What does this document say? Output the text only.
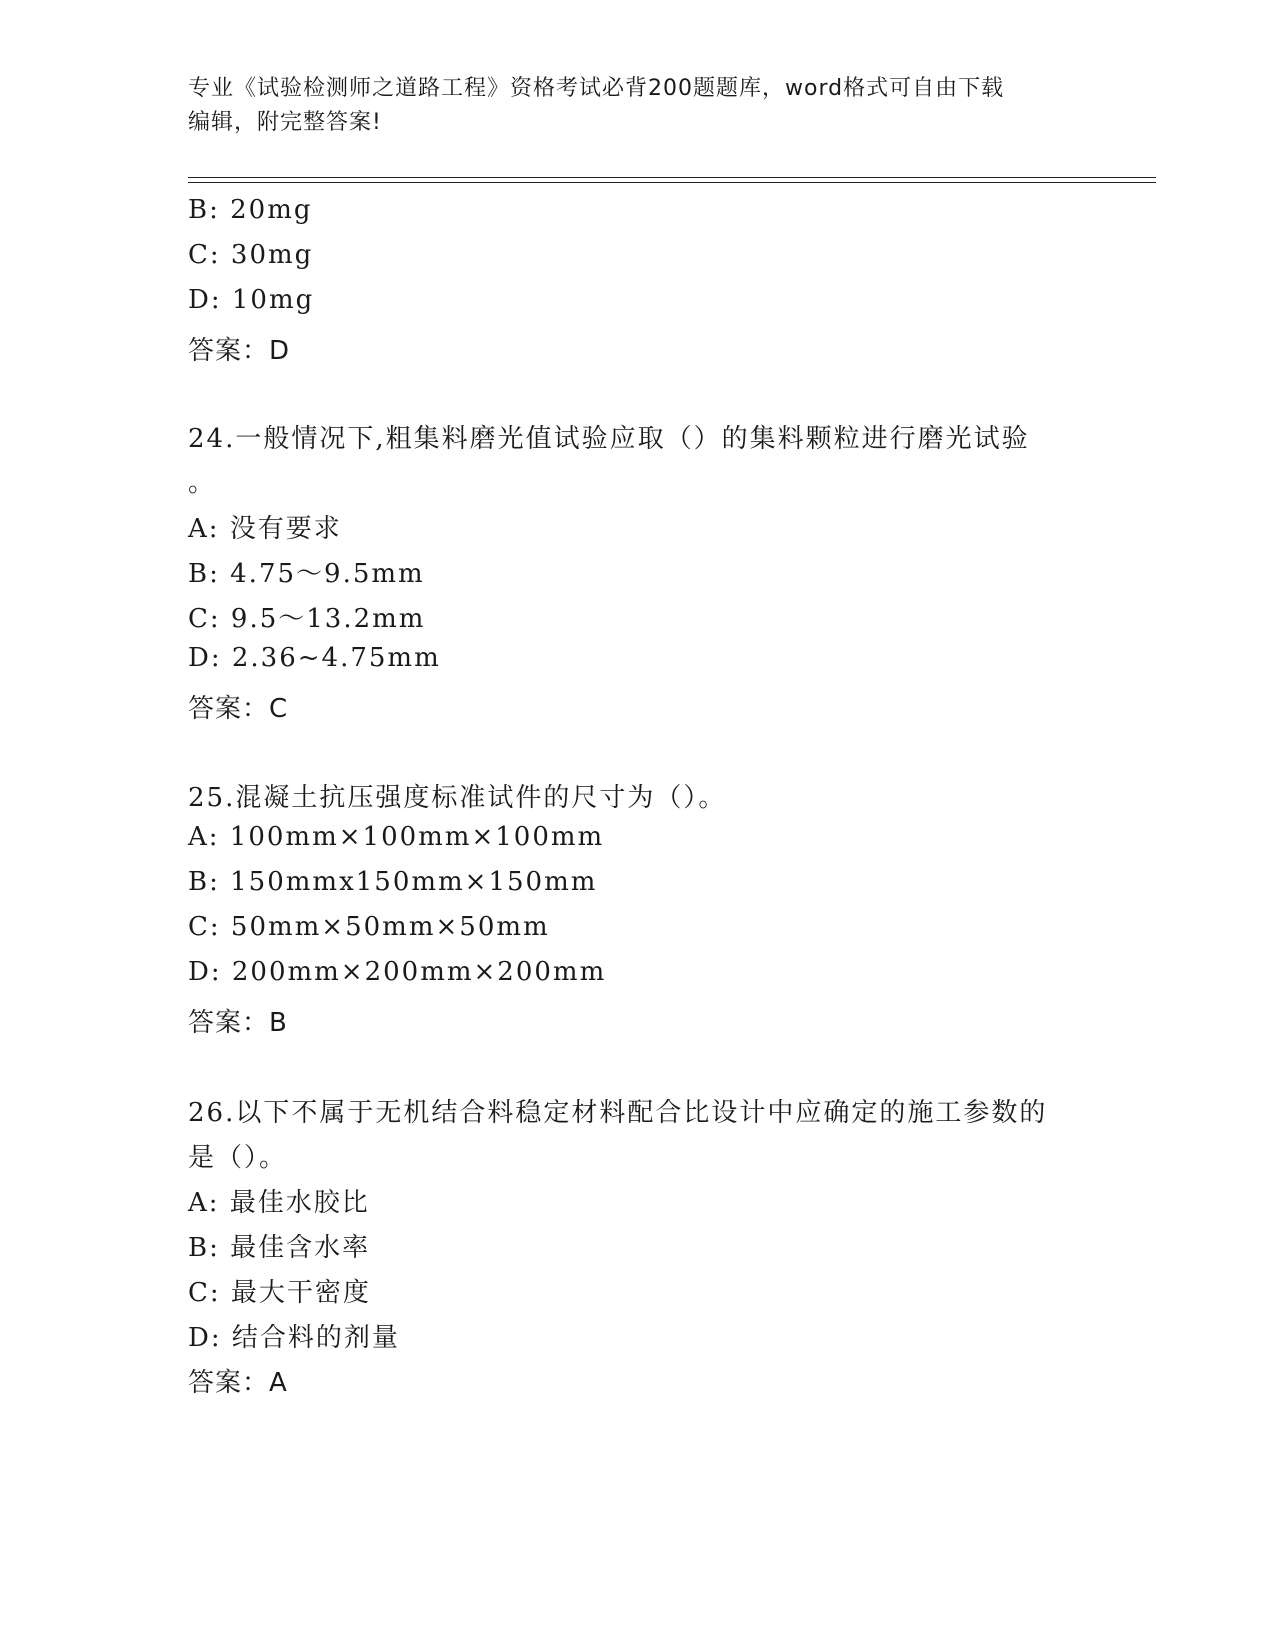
专业《试验检测师之道路工程》资格考试必背200题题库，word格式可自由下载
编辑，附完整答案!
B: 20mg
C: 30mg
D: 10mg
答案：D
24.一般情况下,粗集料磨光值试验应取（）的集料颗粒进行磨光试验
。
A: 没有要求
B: 4.75～9.5mm
C: 9.5～13.2mm
D: 2.36~4.75mm
答案：C
25.混凝土抗压强度标准试件的尺寸为（）。
A: 100mm×100mm×100mm
B: 150mmx150mm×150mm
C: 50mm×50mm×50mm
D: 200mm×200mm×200mm
答案：B
26.以下不属于无机结合料稳定材料配合比设计中应确定的施工参数的
是（）。
A: 最佳水胶比
B: 最佳含水率
C: 最大干密度
D: 结合料的剂量
答案：A
